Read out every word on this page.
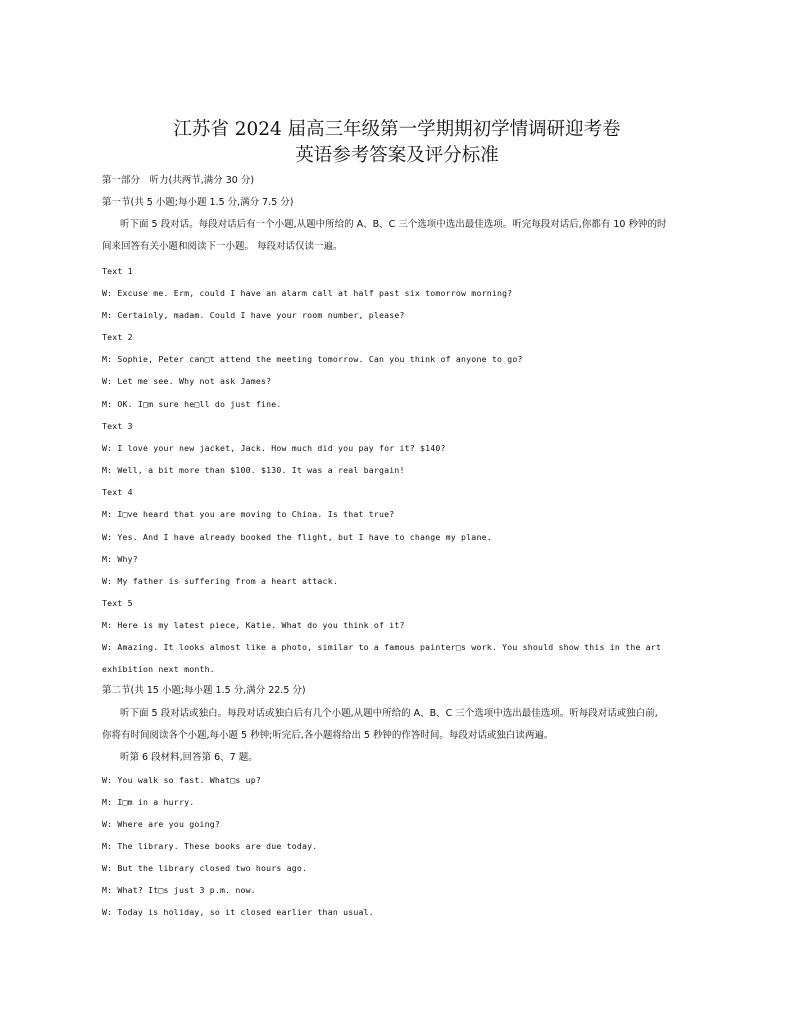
江苏省 2024 届高三年级第一学期期初学情调研迎考卷
英语参考答案及评分标准
第一部分　听力(共两节,满分 30 分)
第一节(共 5 小题;每小题 1.5 分,满分 7.5 分)
听下面 5 段对话。每段对话后有一个小题,从题中所给的 A、B、C 三个选项中选出最佳选项。听完每段对话后,你都有 10 秒钟的时
间来回答有关小题和阅读下一小题。 每段对话仅读一遍。
Text 1
W: Excuse me. Erm, could I have an alarm call at half past six tomorrow morning?
M: Certainly, madam. Could I have your room number, please?
Text 2
M: Sophie, Peter can□t attend the meeting tomorrow. Can you think of anyone to go?
W: Let me see. Why not ask James?
M: OK. I□m sure he□ll do just fine.
Text 3
W: I love your new jacket, Jack. How much did you pay for it? $140?
M: Well, a bit more than $100. $130. It was a real bargain!
Text 4
M: I□ve heard that you are moving to China. Is that true?
W: Yes. And I have already booked the flight, but I have to change my plane.
M: Why?
W: My father is suffering from a heart attack.
Text 5
M: Here is my latest piece, Katie. What do you think of it?
W: Amazing. It looks almost like a photo, similar to a famous painter□s work. You should show this in the art
exhibition next month.
第二节(共 15 小题;每小题 1.5 分,满分 22.5 分)
听下面 5 段对话或独白。每段对话或独白后有几个小题,从题中所给的 A、B、C 三个选项中选出最佳选项。听每段对话或独白前,
你将有时间阅读各个小题,每小题 5 秒钟;听完后,各小题将给出 5 秒钟的作答时间。每段对话或独白读两遍。
听第 6 段材料,回答第 6、7 题。
W: You walk so fast. What□s up?
M: I□m in a hurry.
W: Where are you going?
M: The library. These books are due today.
W: But the library closed two hours ago.
M: What? It□s just 3 p.m. now.
W: Today is holiday, so it closed earlier than usual.
